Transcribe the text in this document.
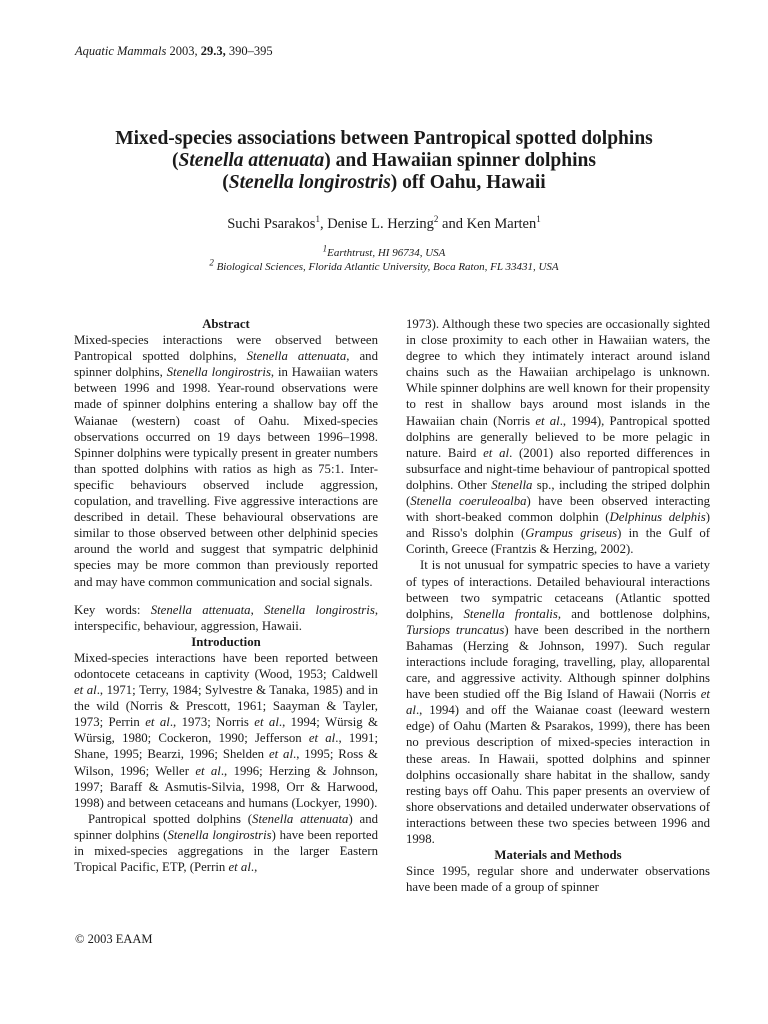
Aquatic Mammals 2003, 29.3, 390–395
Mixed-species associations between Pantropical spotted dolphins
(Stenella attenuata) and Hawaiian spinner dolphins
(Stenella longirostris) off Oahu, Hawaii
Suchi Psarakos$^1$, Denise L. Herzing$^2$ and Ken Marten$^1$
$^1$Earthtrust, HI 96734, USA
$^2$ Biological Sciences, Florida Atlantic University, Boca Raton, FL 33431, USA

Abstract

Mixed-species interactions were observed between Pantropical spotted dolphins, Stenella attenuata, and spinner dolphins, Stenella longirostris, in Hawaiian waters between 1996 and 1998. Year-round observations were made of spinner dolphins entering a shallow bay off the Waianae (western) coast of Oahu. Mixed-species observations occurred on 19 days between 1996–1998. Spinner dolphins were typically present in greater numbers than spotted dolphins with ratios as high as 75:1. Inter-specific behaviours observed include aggression, copulation, and travelling. Five aggressive interactions are described in detail. These behavioural observations are similar to those observed between other delphinid species around the world and suggest that sympatric delphinid species may be more common than previously reported and may have common communication and social signals.

Key words: Stenella attenuata, Stenella longirostris, interspecific, behaviour, aggression, Hawaii.

Introduction

Mixed-species interactions have been reported between odontocete cetaceans in captivity (Wood, 1953; Caldwell et al., 1971; Terry, 1984; Sylvestre & Tanaka, 1985) and in the wild (Norris & Prescott, 1961; Saayman & Tayler, 1973; Perrin et al., 1973; Norris et al., 1994; Würsig & Würsig, 1980; Cockeron, 1990; Jefferson et al., 1991; Shane, 1995; Bearzi, 1996; Shelden et al., 1995; Ross & Wilson, 1996; Weller et al., 1996; Herzing & Johnson, 1997; Baraff & Asmutis-Silvia, 1998, Orr & Harwood, 1998) and between cetaceans and humans (Lockyer, 1990).

Pantropical spotted dolphins (Stenella attenuata) and spinner dolphins (Stenella longirostris) have been reported in mixed-species aggregations in the larger Eastern Tropical Pacific, ETP, (Perrin et al.,

1973). Although these two species are occasionally sighted in close proximity to each other in Hawaiian waters, the degree to which they intimately interact around island chains such as the Hawaiian archipelago is unknown. While spinner dolphins are well known for their propensity to rest in shallow bays around most islands in the Hawaiian chain (Norris et al., 1994), Pantropical spotted dolphins are generally believed to be more pelagic in nature. Baird et al. (2001) also reported differences in subsurface and night-time behaviour of pantropical spotted dolphins. Other Stenella sp., including the striped dolphin (Stenella coeruleoalba) have been observed interacting with short-beaked common dolphin (Delphinus delphis) and Risso's dolphin (Grampus griseus) in the Gulf of Corinth, Greece (Frantzis & Herzing, 2002).

It is not unusual for sympatric species to have a variety of types of interactions. Detailed behavioural interactions between two sympatric cetaceans (Atlantic spotted dolphins, Stenella frontalis, and bottlenose dolphins, Tursiops truncatus) have been described in the northern Bahamas (Herzing & Johnson, 1997). Such regular interactions include foraging, travelling, play, alloparental care, and aggressive activity. Although spinner dolphins have been studied off the Big Island of Hawaii (Norris et al., 1994) and off the Waianae coast (leeward western edge) of Oahu (Marten & Psarakos, 1999), there has been no previous description of mixed-species interaction in these areas. In Hawaii, spotted dolphins and spinner dolphins occasionally share habitat in the shallow, sandy resting bays off Oahu. This paper presents an overview of shore observations and detailed underwater observations of interactions between these two species between 1996 and 1998.

Materials and Methods

Since 1995, regular shore and underwater observations have been made of a group of spinner

© 2003 EAAM
